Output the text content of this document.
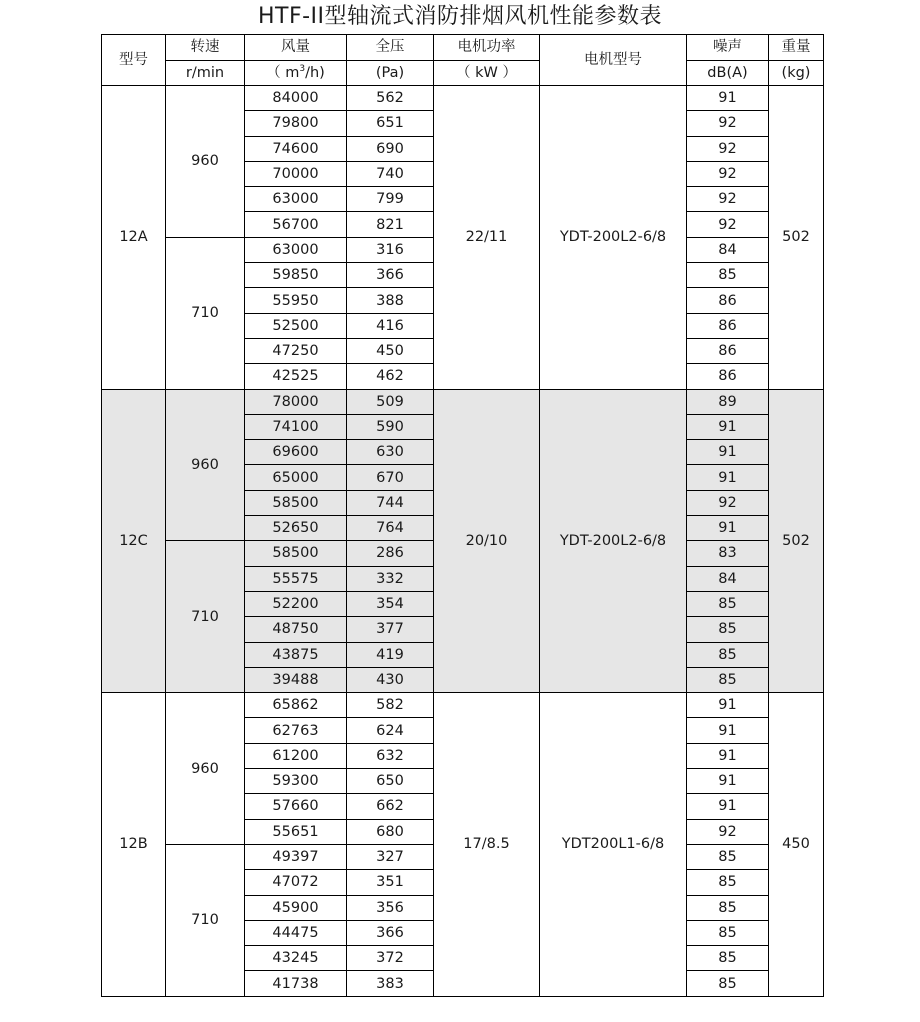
HTF-II型轴流式消防排烟风机性能参数表
型号	转速	风量	全压	电机功率	电机型号	噪声	重量
	r/min	（ $m^3/h$)	(Pa)	（ kW ）		dB(A)	(kg)
12A	960	84000	562	22/11	YDT-200L2-6/8	91	502
		79800	651			92	
		74600	690			92	
		70000	740			92	
		63000	799			92	
		56700	821			92	
	710	63000	316			84	
		59850	366			85	
		55950	388			86	
		52500	416			86	
		47250	450			86	
		42525	462			86	
12C	960	78000	509	20/10	YDT-200L2-6/8	89	502
		74100	590			91	
		69600	630			91	
		65000	670			91	
		58500	744			92	
		52650	764			91	
	710	58500	286			83	
		55575	332			84	
		52200	354			85	
		48750	377			85	
		43875	419			85	
		39488	430			85	
12B	960	65862	582	17/8.5	YDT200L1-6/8	91	450
		62763	624			91	
		61200	632			91	
		59300	650			91	
		57660	662			91	
		55651	680			92	
	710	49397	327			85	
		47072	351			85	
		45900	356			85	
		44475	366			85	
		43245	372			85	
		41738	383			85	
